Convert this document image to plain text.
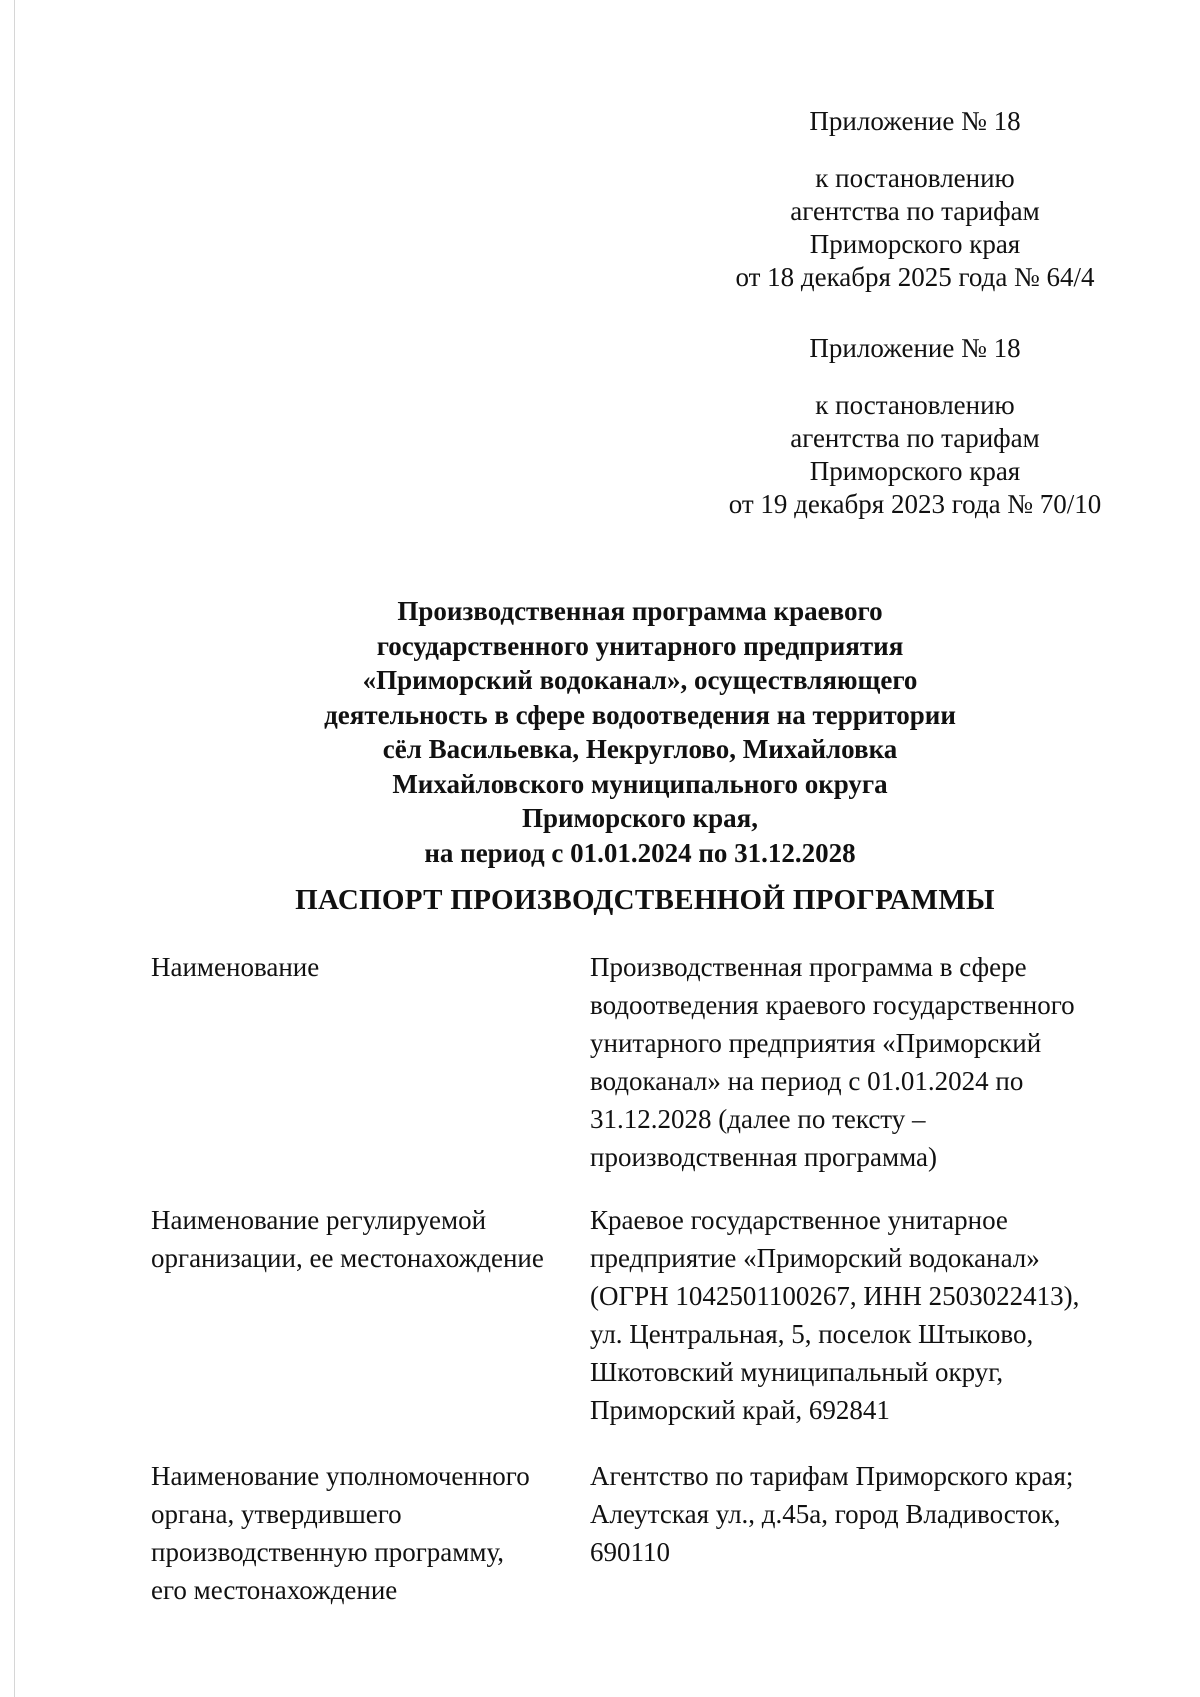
Приложение № 18
к постановлению
агентства по тарифам
Приморского края
от 18 декабря 2025 года № 64/4
Приложение № 18
к постановлению
агентства по тарифам
Приморского края
от 19 декабря 2023 года № 70/10
Производственная программа краевого
государственного унитарного предприятия
«Приморский водоканал», осуществляющего
деятельность в сфере водоотведения на территории
сёл Васильевка, Некруглово, Михайловка
Михайловского муниципального округа
Приморского края,
на период с 01.01.2024 по 31.12.2028
ПАСПОРТ ПРОИЗВОДСТВЕННОЙ ПРОГРАММЫ
Наименование	Производственная программа в сфере
водоотведения краевого государственного
унитарного предприятия «Приморский
водоканал» на период с 01.01.2024 по
31.12.2028 (далее по тексту –
производственная программа)
Наименование регулируемой
организации, ее местонахождение
Краевое государственное унитарное
предприятие «Приморский водоканал»
(ОГРН 1042501100267, ИНН 2503022413),
ул. Центральная, 5, поселок Штыково,
Шкотовский муниципальный округ,
Приморский край, 692841
Наименование уполномоченного
органа, утвердившего
производственную программу,
его местонахождение
Агентство по тарифам Приморского края;
Алеутская ул., д.45а, город Владивосток,
690110
